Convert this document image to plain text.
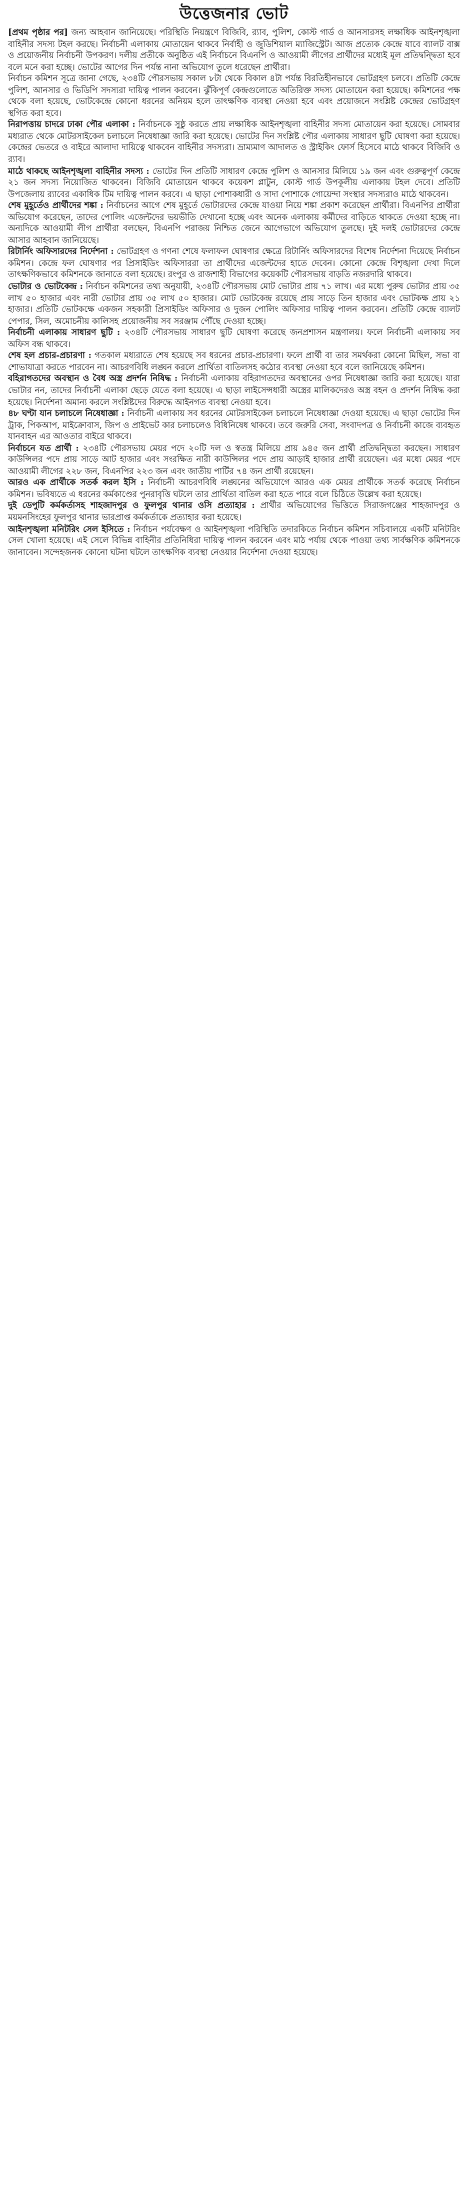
উত্তেজনার ভোট

[প্রথম পৃষ্ঠার পর] জন্য আহবান জানিয়েছে। পরিস্থিতি নিয়ন্ত্রণে বিজিবি, র‌্যাব, পুলিশ, কোস্ট গার্ড ও আনসারসহ লক্ষাধিক আইনশৃঙ্খলা বাহিনীর সদস্য টহল করছে। নির্বাচনী এলাকায় মোতায়েন থাকবে নির্বাহী ও জুডিশিয়াল ম্যাজিস্ট্রেট। আজ প্রত্যেক কেন্দ্রে যাবে ব্যালট বাক্স ও প্রয়োজনীয় নির্বাচনী উপকরণ। দলীয় প্রতীকে অনুষ্ঠিত এই নির্বাচনে বিএনপি ও আওয়ামী লীগের প্রার্থীদের মধ্যেই মূল প্রতিদ্বন্দ্বিতা হবে বলে মনে করা হচ্ছে। ভোটের আগের দিন পর্যন্ত নানা অভিযোগ তুলে ধরেছেন প্রার্থীরা।

নির্বাচন কমিশন সূত্রে জানা গেছে, ২৩৪টি পৌরসভায় সকাল ৮টা থেকে বিকাল ৪টা পর্যন্ত বিরতিহীনভাবে ভোটগ্রহণ চলবে। প্রতিটি কেন্দ্রে পুলিশ, আনসার ও ভিডিপি সদস্যরা দায়িত্ব পালন করবেন। ঝুঁকিপূর্ণ কেন্দ্রগুলোতে অতিরিক্ত সদস্য মোতায়েন করা হয়েছে। কমিশনের পক্ষ থেকে বলা হয়েছে, ভোটকেন্দ্রে কোনো ধরনের অনিয়ম হলে তাৎক্ষণিক ব্যবস্থা নেওয়া হবে এবং প্রয়োজনে সংশ্লিষ্ট কেন্দ্রের ভোটগ্রহণ স্থগিত করা হবে।

নিরাপত্তায় চাদরে ঢাকা পৌর এলাকা : নির্বাচনকে সুষ্ঠু করতে প্রায় লক্ষাধিক আইনশৃঙ্খলা বাহিনীর সদস্য মোতায়েন করা হয়েছে। সোমবার মধ্যরাত থেকে মোটরসাইকেল চলাচলে নিষেধাজ্ঞা জারি করা হয়েছে। ভোটের দিন সংশ্লিষ্ট পৌর এলাকায় সাধারণ ছুটি ঘোষণা করা হয়েছে। কেন্দ্রের ভেতরে ও বাইরে আলাদা দায়িত্বে থাকবেন বাহিনীর সদস্যরা। ভ্রাম্যমাণ আদালত ও স্ট্রাইকিং ফোর্স হিসেবে মাঠে থাকবে বিজিবি ও র‌্যাব।

মাঠে থাকছে আইনশৃঙ্খলা বাহিনীর সদস্য : ভোটের দিন প্রতিটি সাধারণ কেন্দ্রে পুলিশ ও আনসার মিলিয়ে ১৯ জন এবং গুরুত্বপূর্ণ কেন্দ্রে ২১ জন সদস্য নিয়োজিত থাকবেন। বিজিবি মোতায়েন থাকবে কয়েকশ প্লাটুন, কোস্ট গার্ড উপকূলীয় এলাকায় টহল দেবে। প্রতিটি উপজেলায় র‌্যাবের একাধিক টিম দায়িত্ব পালন করবে। এ ছাড়া পোশাকধারী ও সাদা পোশাকে গোয়েন্দা সংস্থার সদস্যরাও মাঠে থাকবেন।

শেষ মুহূর্তেও প্রার্থীদের শঙ্কা : নির্বাচনের আগে শেষ মুহূর্তে ভোটারদের কেন্দ্রে যাওয়া নিয়ে শঙ্কা প্রকাশ করেছেন প্রার্থীরা। বিএনপির প্রার্থীরা অভিযোগ করেছেন, তাদের পোলিং এজেন্টদের ভয়ভীতি দেখানো হচ্ছে এবং অনেক এলাকায় কর্মীদের বাড়িতে থাকতে দেওয়া হচ্ছে না। অন্যদিকে আওয়ামী লীগ প্রার্থীরা বলছেন, বিএনপি পরাজয় নিশ্চিত জেনে আগেভাগে অভিযোগ তুলছে। দুই দলই ভোটারদের কেন্দ্রে আসার আহবান জানিয়েছে।

রিটার্নিং অফিসারদের নির্দেশনা : ভোটগ্রহণ ও গণনা শেষে ফলাফল ঘোষণার ক্ষেত্রে রিটার্নিং অফিসারদের বিশেষ নির্দেশনা দিয়েছে নির্বাচন কমিশন। কেন্দ্রে ফল ঘোষণার পর প্রিসাইডিং অফিসাররা তা প্রার্থীদের এজেন্টদের হাতে দেবেন। কোনো কেন্দ্রে বিশৃঙ্খলা দেখা দিলে তাৎক্ষণিকভাবে কমিশনকে জানাতে বলা হয়েছে। রংপুর ও রাজশাহী বিভাগের কয়েকটি পৌরসভায় বাড়তি নজরদারি থাকবে।

ভোটার ও ভোটকেন্দ্র : নির্বাচন কমিশনের তথ্য অনুযায়ী, ২৩৪টি পৌরসভায় মোট ভোটার প্রায় ৭১ লাখ। এর মধ্যে পুরুষ ভোটার প্রায় ৩৫ লাখ ৫০ হাজার এবং নারী ভোটার প্রায় ৩৫ লাখ ৫০ হাজার। মোট ভোটকেন্দ্র রয়েছে প্রায় সাড়ে তিন হাজার এবং ভোটকক্ষ প্রায় ২১ হাজার। প্রতিটি ভোটকক্ষে একজন সহকারী প্রিসাইডিং অফিসার ও দুজন পোলিং অফিসার দায়িত্ব পালন করবেন। প্রতিটি কেন্দ্রে ব্যালট পেপার, সিল, অমোচনীয় কালিসহ প্রয়োজনীয় সব সরঞ্জাম পৌঁছে দেওয়া হচ্ছে।

নির্বাচনী এলাকায় সাধারণ ছুটি : ২৩৪টি পৌরসভায় সাধারণ ছুটি ঘোষণা করেছে জনপ্রশাসন মন্ত্রণালয়। ফলে নির্বাচনী এলাকায় সব অফিস বন্ধ থাকবে।

শেষ হল প্রচার-প্রচারণা : গতকাল মধ্যরাতে শেষ হয়েছে সব ধরনের প্রচার-প্রচারণা। ফলে প্রার্থী বা তার সমর্থকরা কোনো মিছিল, সভা বা শোভাযাত্রা করতে পারবেন না। আচরণবিধি লঙ্ঘন করলে প্রার্থিতা বাতিলসহ কঠোর ব্যবস্থা নেওয়া হবে বলে জানিয়েছে কমিশন।

বহিরাগতদের অবস্থান ও বৈধ অস্ত্র প্রদর্শন নিষিদ্ধ : নির্বাচনী এলাকায় বহিরাগতদের অবস্থানের ওপর নিষেধাজ্ঞা জারি করা হয়েছে। যারা ভোটার নন, তাদের নির্বাচনী এলাকা ছেড়ে যেতে বলা হয়েছে। এ ছাড়া লাইসেন্সধারী অস্ত্রের মালিকদেরও অস্ত্র বহন ও প্রদর্শন নিষিদ্ধ করা হয়েছে। নির্দেশনা অমান্য করলে সংশ্লিষ্টদের বিরুদ্ধে আইনগত ব্যবস্থা নেওয়া হবে।

৪৮ ঘণ্টা যান চলাচলে নিষেধাজ্ঞা : নির্বাচনী এলাকায় সব ধরনের মোটরসাইকেল চলাচলে নিষেধাজ্ঞা দেওয়া হয়েছে। এ ছাড়া ভোটের দিন ট্রাক, পিকআপ, মাইক্রোবাস, জিপ ও প্রাইভেট কার চলাচলেও বিধিনিষেধ থাকবে। তবে জরুরি সেবা, সংবাদপত্র ও নির্বাচনী কাজে ব্যবহৃত যানবাহন এর আওতার বাইরে থাকবে।

নির্বাচনে যত প্রার্থী : ২৩৪টি পৌরসভায় মেয়র পদে ২০টি দল ও স্বতন্ত্র মিলিয়ে প্রায় ৯৪৫ জন প্রার্থী প্রতিদ্বন্দ্বিতা করছেন। সাধারণ কাউন্সিলর পদে প্রায় সাড়ে আট হাজার এবং সংরক্ষিত নারী কাউন্সিলর পদে প্রায় আড়াই হাজার প্রার্থী রয়েছেন। এর মধ্যে মেয়র পদে আওয়ামী লীগের ২২৮ জন, বিএনপির ২২৩ জন এবং জাতীয় পার্টির ৭৪ জন প্রার্থী রয়েছেন।

আরও এক প্রার্থীকে সতর্ক করল ইসি : নির্বাচনী আচরণবিধি লঙ্ঘনের অভিযোগে আরও এক মেয়র প্রার্থীকে সতর্ক করেছে নির্বাচন কমিশন। ভবিষ্যতে এ ধরনের কর্মকাণ্ডের পুনরাবৃত্তি ঘটলে তার প্রার্থিতা বাতিল করা হতে পারে বলে চিঠিতে উল্লেখ করা হয়েছে।

দুই ডেপুটি কর্মকর্তাসহ শাহজাদপুর ও ফুলপুর থানার ওসি প্রত্যাহার : প্রার্থীর অভিযোগের ভিত্তিতে সিরাজগঞ্জের শাহজাদপুর ও ময়মনসিংহের ফুলপুর থানার ভারপ্রাপ্ত কর্মকর্তাকে প্রত্যাহার করা হয়েছে।

আইনশৃঙ্খলা মনিটরিং সেল ইসিতে : নির্বাচন পর্যবেক্ষণ ও আইনশৃঙ্খলা পরিস্থিতি তদারকিতে নির্বাচন কমিশন সচিবালয়ে একটি মনিটরিং সেল খোলা হয়েছে। এই সেলে বিভিন্ন বাহিনীর প্রতিনিধিরা দায়িত্ব পালন করবেন এবং মাঠ পর্যায় থেকে পাওয়া তথ্য সার্বক্ষণিক কমিশনকে জানাবেন। সন্দেহজনক কোনো ঘটনা ঘটলে তাৎক্ষণিক ব্যবস্থা নেওয়ার নির্দেশনা দেওয়া হয়েছে।
